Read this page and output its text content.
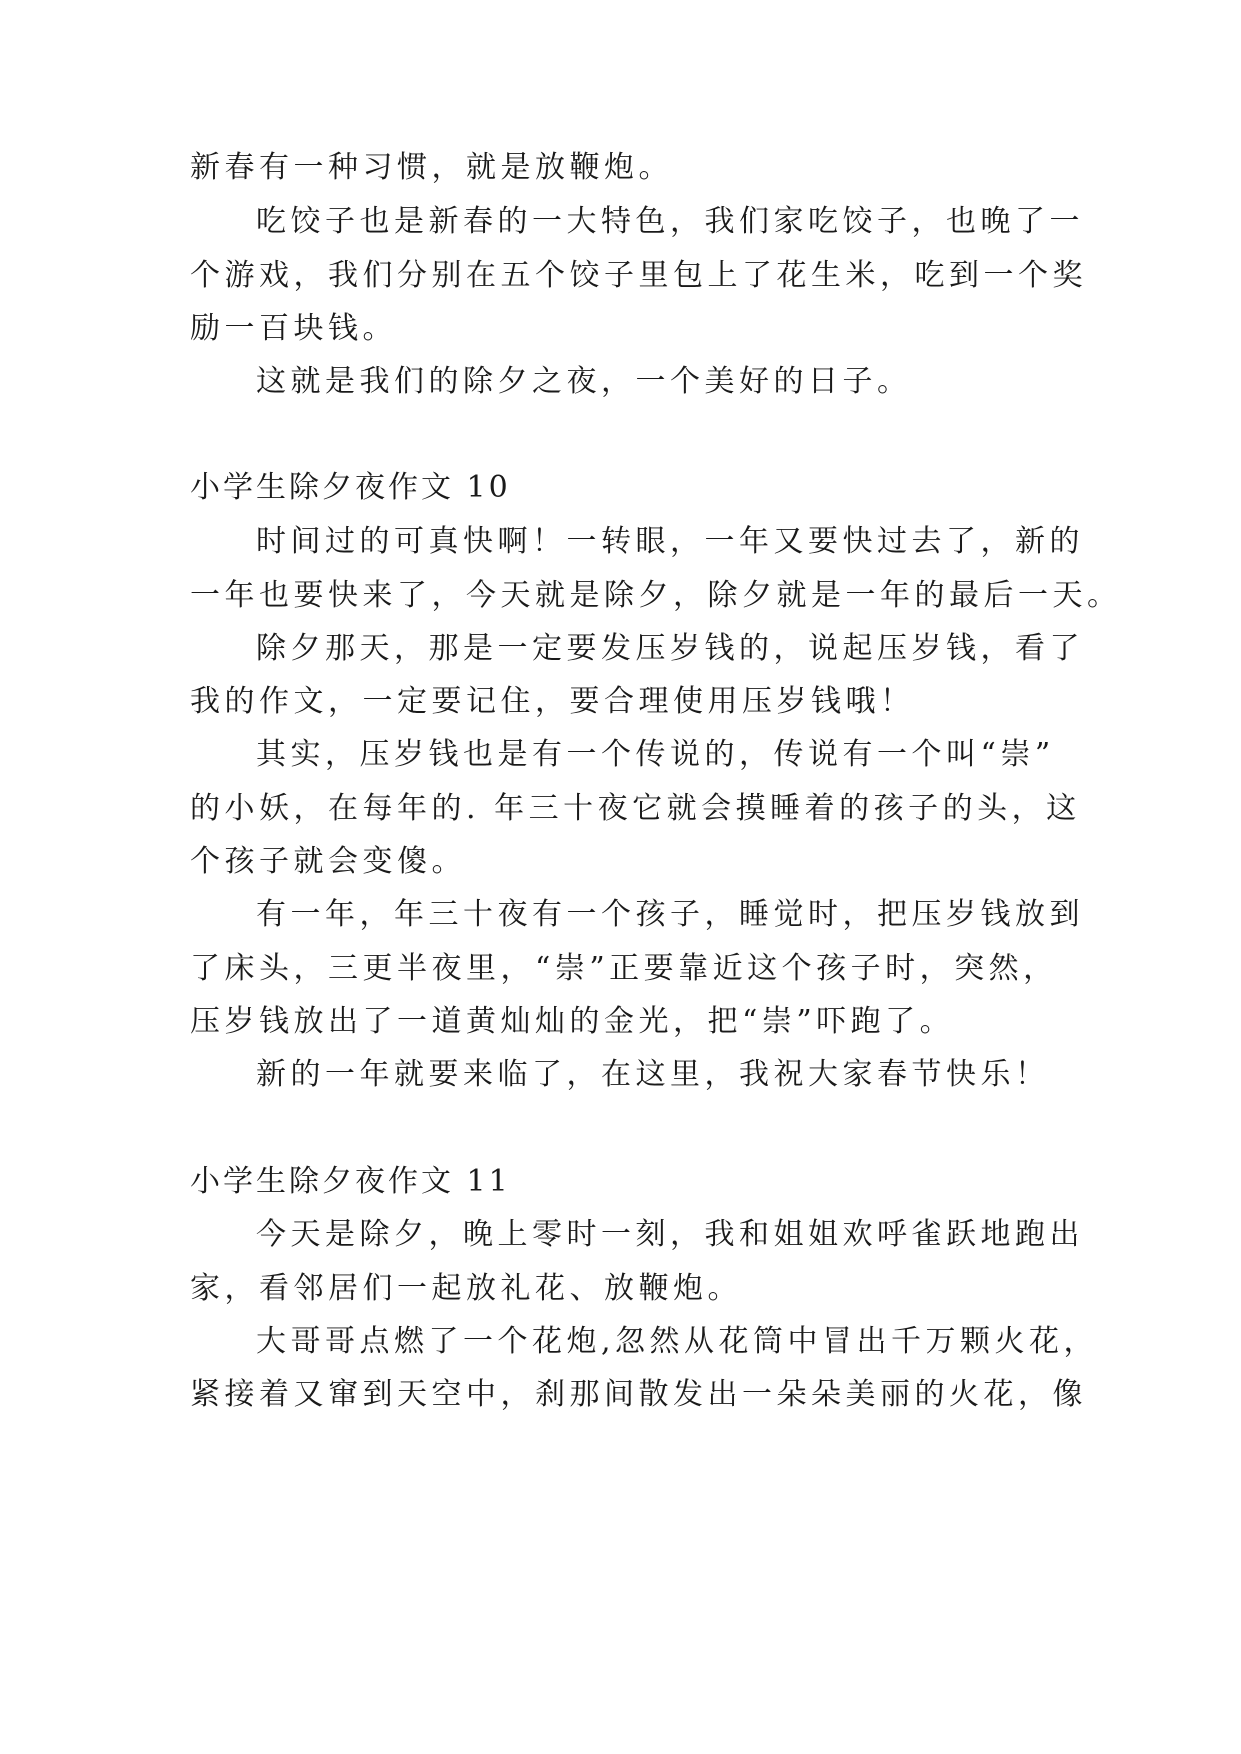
新春有一种习惯，就是放鞭炮。
吃饺子也是新春的一大特色，我们家吃饺子，也晚了一
个游戏，我们分别在五个饺子里包上了花生米，吃到一个奖
励一百块钱。
这就是我们的除夕之夜，一个美好的日子。
小学生除夕夜作文 10
时间过的可真快啊！一转眼，一年又要快过去了，新的
一年也要快来了，今天就是除夕，除夕就是一年的最后一天。
除夕那天，那是一定要发压岁钱的，说起压岁钱，看了
我的作文，一定要记住，要合理使用压岁钱哦！
其实，压岁钱也是有一个传说的，传说有一个叫“崇”
的小妖，在每年的. 年三十夜它就会摸睡着的孩子的头，这
个孩子就会变傻。
有一年，年三十夜有一个孩子，睡觉时，把压岁钱放到
了床头，三更半夜里，“崇”正要靠近这个孩子时，突然，
压岁钱放出了一道黄灿灿的金光，把“崇”吓跑了。
新的一年就要来临了，在这里，我祝大家春节快乐！
小学生除夕夜作文 11
今天是除夕，晚上零时一刻，我和姐姐欢呼雀跃地跑出
家，看邻居们一起放礼花、放鞭炮。
大哥哥点燃了一个花炮,忽然从花筒中冒出千万颗火花，
紧接着又窜到天空中，刹那间散发出一朵朵美丽的火花，像
